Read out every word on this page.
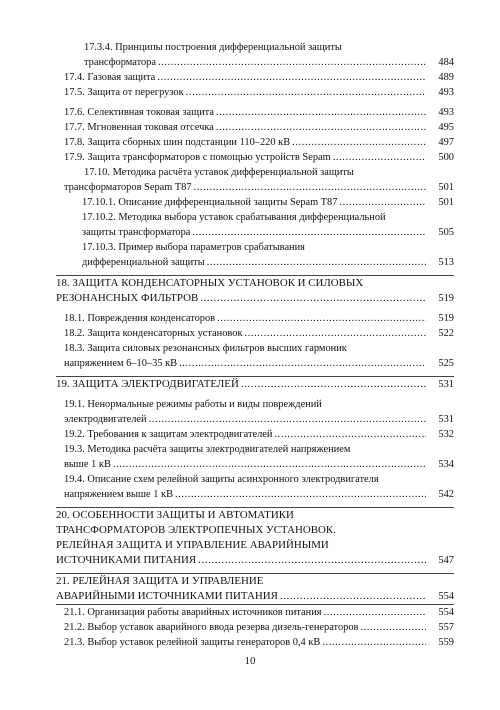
17.3.4. Принципы построения дифференциальной защиты
трансформатора .....	484
17.4. Газовая защита .....	489
17.5. Защита от перегрузок .....	493
17.6. Селективная токовая защита .....	493
17.7. Мгновенная токовая отсечка .....	495
17.8. Защита сборных шин подстанции 110–220 кВ .....	497
17.9. Защита трансформаторов с помощью устройств Sepam .....	500
17.10. Методика расчёта уставок дифференциальной защиты
трансформаторов Sepam T87 .....	501
17.10.1. Описание дифференциальной защиты Sepam T87 .....	501
17.10.2. Методика выбора уставок срабатывания дифференциальной
защиты трансформатора .....	505
17.10.3. Пример выбора параметров срабатывания
дифференциальной защиты .....	513
18. ЗАЩИТА КОНДЕНСАТОРНЫХ УСТАНОВОК И СИЛОВЫХ
РЕЗОНАНСНЫХ ФИЛЬТРОВ .....	519
18.1. Повреждения конденсаторов .....	519
18.2. Защита конденсаторных установок .....	522
18.3. Защита силовых резонансных фильтров высших гармоник
напряжением 6–10–35 кВ .....	525
19. ЗАЩИТА ЭЛЕКТРОДВИГАТЕЛЕЙ .....	531
19.1. Ненормальные режимы работы и виды повреждений
электродвигателей .....	531
19.2. Требования к защитам электродвигателей .....	532
19.3. Методика расчёта защиты электродвигателей напряжением
выше 1 кВ .....	534
19.4. Описание схем релейной защиты асинхронного электродвигателя
напряжением выше 1 кВ .....	542
20. ОСОБЕННОСТИ ЗАЩИТЫ И АВТОМАТИКИ
ТРАНСФОРМАТОРОВ ЭЛЕКТРОПЕЧНЫХ УСТАНОВОК.
РЕЛЕЙНАЯ ЗАЩИТА И УПРАВЛЕНИЕ АВАРИЙНЫМИ
ИСТОЧНИКАМИ ПИТАНИЯ .....	547
21. РЕЛЕЙНАЯ ЗАЩИТА И УПРАВЛЕНИЕ
АВАРИЙНЫМИ ИСТОЧНИКАМИ ПИТАНИЯ .....	554
21.1. Организация работы аварийных источников питания .....	554
21.2. Выбор уставок аварийного ввода резерва дизель-генераторов .....	557
21.3. Выбор уставок релейной защиты генераторов 0,4 кВ .....	559
10
